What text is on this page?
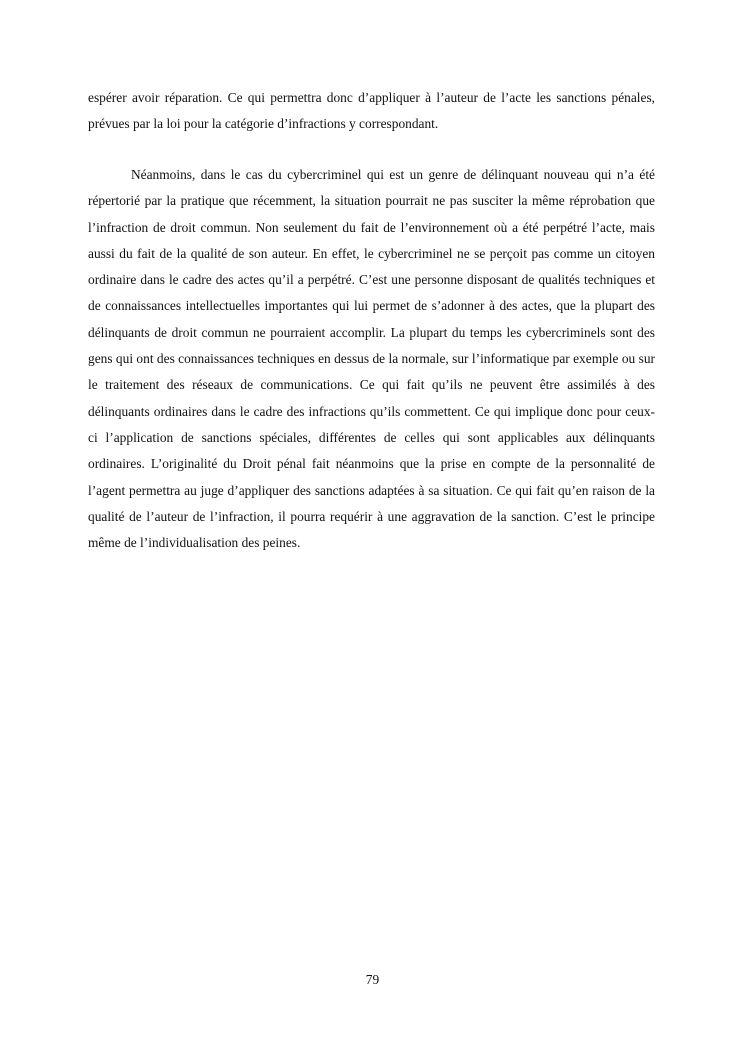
espérer avoir réparation. Ce qui permettra donc d’appliquer à l’auteur de l’acte les sanctions pénales, prévues par la loi pour la catégorie d’infractions y correspondant.

Néanmoins, dans le cas du cybercriminel qui est un genre de délinquant nouveau qui n’a été répertorié par la pratique que récemment, la situation pourrait ne pas susciter la même réprobation que l’infraction de droit commun. Non seulement du fait de l’environnement où a été perpétré l’acte, mais aussi du fait de la qualité de son auteur. En effet, le cybercriminel ne se perçoit pas comme un citoyen ordinaire dans le cadre des actes qu’il a perpétré. C’est une personne disposant de qualités techniques et de connaissances intellectuelles importantes qui lui permet de s’adonner à des actes, que la plupart des délinquants de droit commun ne pourraient accomplir. La plupart du temps les cybercriminels sont des gens qui ont des connaissances techniques en dessus de la normale, sur l’informatique par exemple ou sur le traitement des réseaux de communications. Ce qui fait qu’ils ne peuvent être assimilés à des délinquants ordinaires dans le cadre des infractions qu’ils commettent. Ce qui implique donc pour ceux-ci l’application de sanctions spéciales, différentes de celles qui sont applicables aux délinquants ordinaires. L’originalité du Droit pénal fait néanmoins que la prise en compte de la personnalité de l’agent permettra au juge d’appliquer des sanctions adaptées à sa situation. Ce qui fait qu’en raison de la qualité de l’auteur de l’infraction, il pourra requérir à une aggravation de la sanction. C’est le principe même de l’individualisation des peines.

79
